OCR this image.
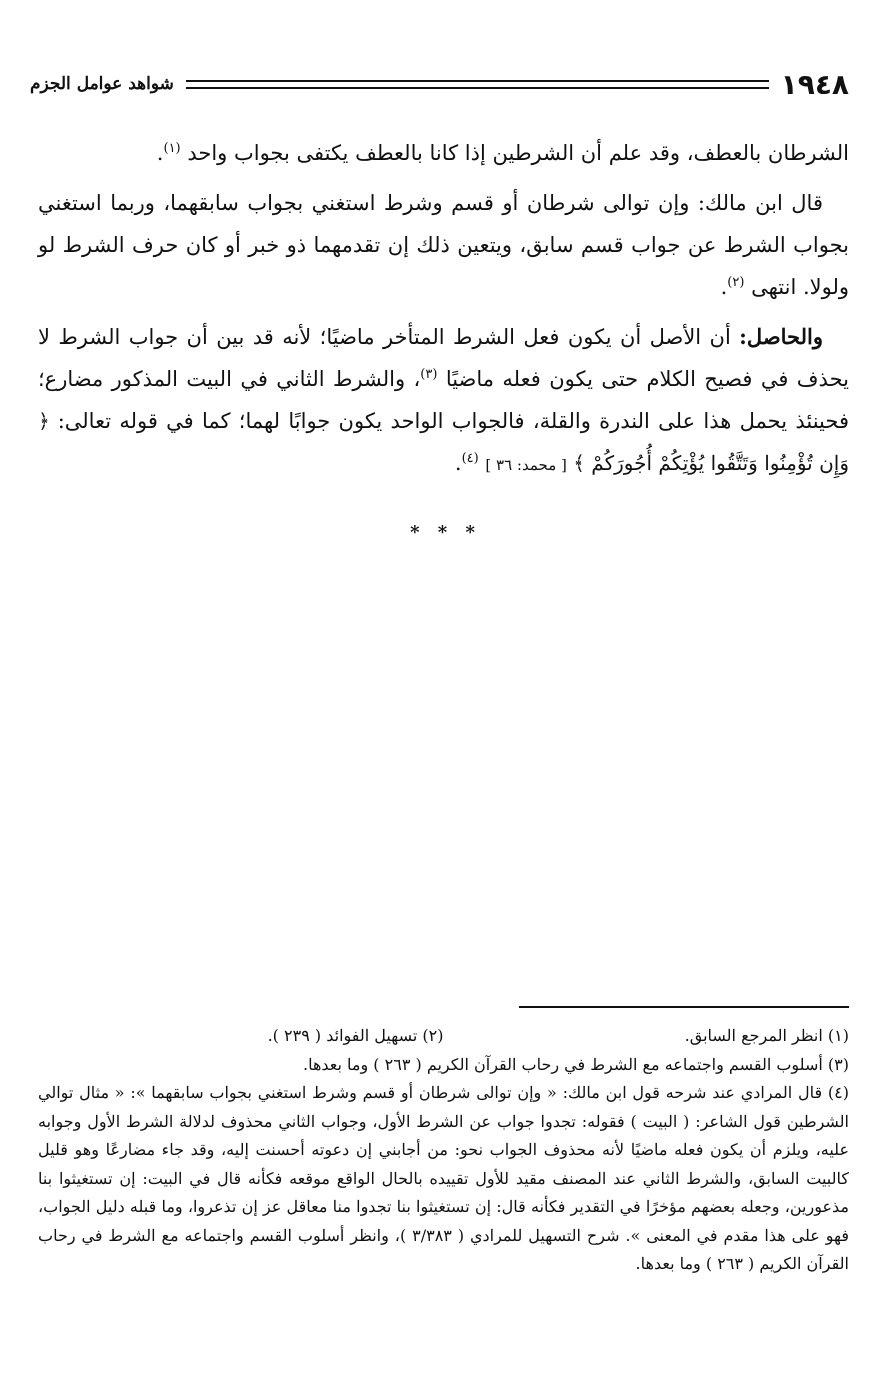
١٩٤٨
شواهد عوامل الجزم

الشرطان بالعطف، وقد علم أن الشرطين إذا كانا بالعطف يكتفى بجواب واحد $^{(١)}$.

قال ابن مالك: وإن توالى شرطان أو قسم وشرط استغني بجواب سابقهما، وربما استغني بجواب الشرط عن جواب قسم سابق، ويتعين ذلك إن تقدمهما ذو خبر أو كان حرف الشرط لو ولولا. انتهى $^{(٢)}$.

والحاصل: أن الأصل أن يكون فعل الشرط المتأخر ماضيًا؛ لأنه قد بين أن جواب الشرط لا يحذف في فصيح الكلام حتى يكون فعله ماضيًا $^{(٣)}$، والشرط الثاني في البيت المذكور مضارع؛ فحينئذ يحمل هذا على الندرة والقلة، فالجواب الواحد يكون جوابًا لهما؛ كما في قوله تعالى: ﴿ وَإِن تُؤْمِنُوا وَتَتَّقُوا يُؤْتِكُمْ أُجُورَكُمْ ﴾ [ محمد: ٣٦ ] $^{(٤)}$.

* * *

(١) انظر المرجع السابق.

(٢) تسهيل الفوائد ( ٢٣٩ ).

(٣) أسلوب القسم واجتماعه مع الشرط في رحاب القرآن الكريم ( ٢٦٣ ) وما بعدها.

(٤) قال المرادي عند شرحه قول ابن مالك: « وإن توالى شرطان أو قسم وشرط استغني بجواب سابقهما »: « مثال توالي الشرطين قول الشاعر: ( البيت ) فقوله: تجدوا جواب عن الشرط الأول، وجواب الثاني محذوف لدلالة الشرط الأول وجوابه عليه، ويلزم أن يكون فعله ماضيًا لأنه محذوف الجواب نحو: من أجابني إن دعوته أحسنت إليه، وقد جاء مضارعًا وهو قليل كالبيت السابق، والشرط الثاني عند المصنف مقيد للأول تقييده بالحال الواقع موقعه فكأنه قال في البيت: إن تستغيثوا بنا مذعورين، وجعله بعضهم مؤخرًا في التقدير فكأنه قال: إن تستغيثوا بنا تجدوا منا معاقل عز إن تذعروا، وما قبله دليل الجواب، فهو على هذا مقدم في المعنى ». شرح التسهيل للمرادي ( ٣/٣٨٣ )، وانظر أسلوب القسم واجتماعه مع الشرط في رحاب القرآن الكريم ( ٢٦٣ ) وما بعدها.
